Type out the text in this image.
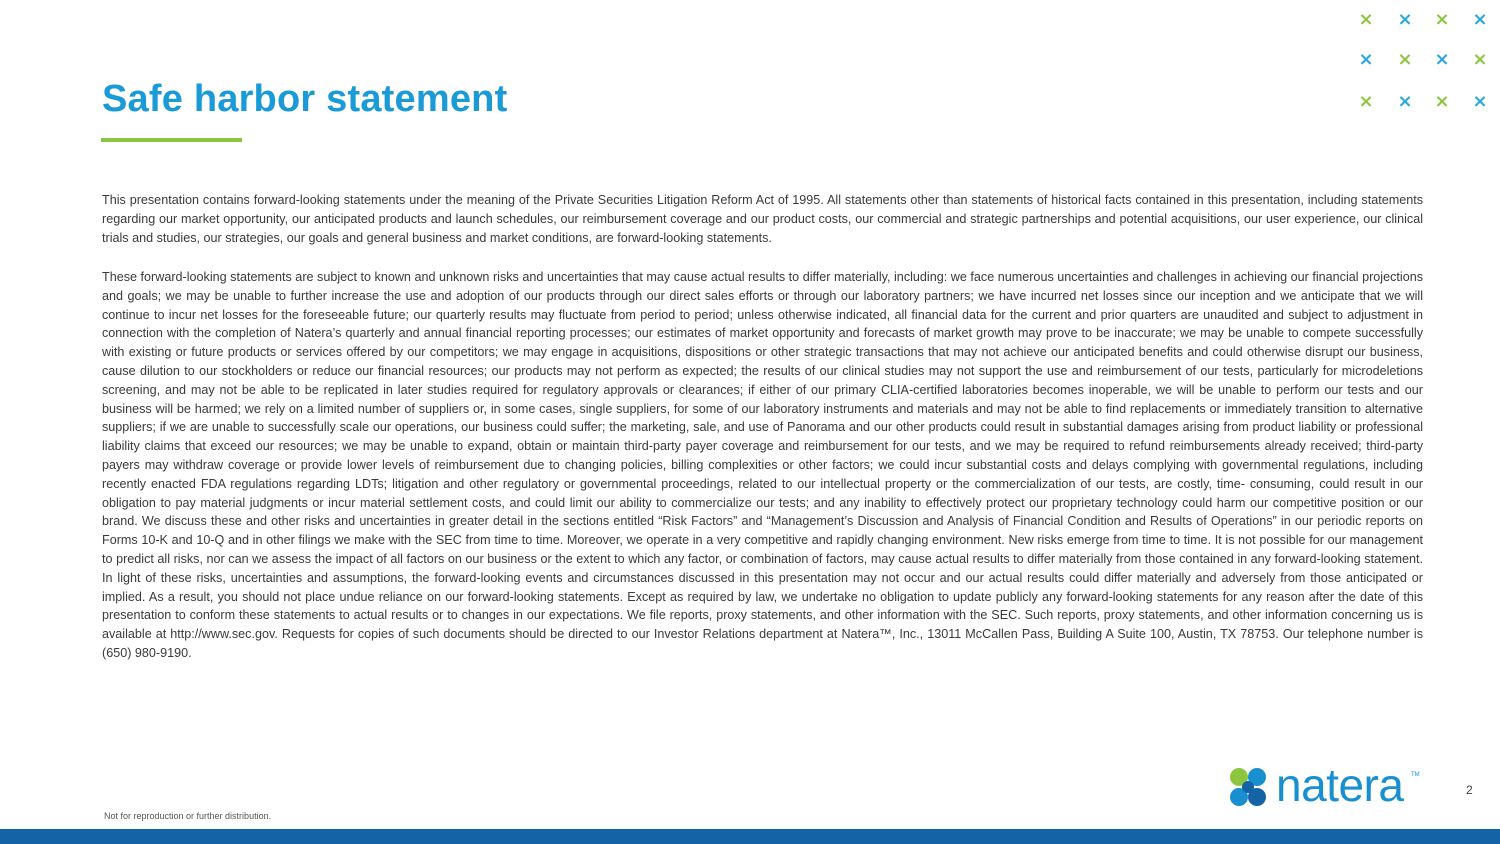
× × × ×
× × × ×
× × × ×
Safe harbor statement

This presentation contains forward-looking statements under the meaning of the Private Securities Litigation Reform Act of 1995. All statements other than statements of historical facts contained in this presentation, including statements regarding our market opportunity, our anticipated products and launch schedules, our reimbursement coverage and our product costs, our commercial and strategic partnerships and potential acquisitions, our user experience, our clinical trials and studies, our strategies, our goals and general business and market conditions, are forward-looking statements.

These forward-looking statements are subject to known and unknown risks and uncertainties that may cause actual results to differ materially, including: we face numerous uncertainties and challenges in achieving our financial projections and goals; we may be unable to further increase the use and adoption of our products through our direct sales efforts or through our laboratory partners; we have incurred net losses since our inception and we anticipate that we will continue to incur net losses for the foreseeable future; our quarterly results may fluctuate from period to period; unless otherwise indicated, all financial data for the current and prior quarters are unaudited and subject to adjustment in connection with the completion of Natera’s quarterly and annual financial reporting processes; our estimates of market opportunity and forecasts of market growth may prove to be inaccurate; we may be unable to compete successfully with existing or future products or services offered by our competitors; we may engage in acquisitions, dispositions or other strategic transactions that may not achieve our anticipated benefits and could otherwise disrupt our business, cause dilution to our stockholders or reduce our financial resources; our products may not perform as expected; the results of our clinical studies may not support the use and reimbursement of our tests, particularly for microdeletions screening, and may not be able to be replicated in later studies required for regulatory approvals or clearances; if either of our primary CLIA-certified laboratories becomes inoperable, we will be unable to perform our tests and our business will be harmed; we rely on a limited number of suppliers or, in some cases, single suppliers, for some of our laboratory instruments and materials and may not be able to find replacements or immediately transition to alternative suppliers; if we are unable to successfully scale our operations, our business could suffer; the marketing, sale, and use of Panorama and our other products could result in substantial damages arising from product liability or professional liability claims that exceed our resources; we may be unable to expand, obtain or maintain third-party payer coverage and reimbursement for our tests, and we may be required to refund reimbursements already received; third-party payers may withdraw coverage or provide lower levels of reimbursement due to changing policies, billing complexities or other factors; we could incur substantial costs and delays complying with governmental regulations, including recently enacted FDA regulations regarding LDTs; litigation and other regulatory or governmental proceedings, related to our intellectual property or the commercialization of our tests, are costly, time- consuming, could result in our obligation to pay material judgments or incur material settlement costs, and could limit our ability to commercialize our tests; and any inability to effectively protect our proprietary technology could harm our competitive position or our brand. We discuss these and other risks and uncertainties in greater detail in the sections entitled “Risk Factors” and “Management’s Discussion and Analysis of Financial Condition and Results of Operations” in our periodic reports on Forms 10-K and 10-Q and in other filings we make with the SEC from time to time. Moreover, we operate in a very competitive and rapidly changing environment. New risks emerge from time to time. It is not possible for our management to predict all risks, nor can we assess the impact of all factors on our business or the extent to which any factor, or combination of factors, may cause actual results to differ materially from those contained in any forward-looking statement. In light of these risks, uncertainties and assumptions, the forward-looking events and circumstances discussed in this presentation may not occur and our actual results could differ materially and adversely from those anticipated or implied. As a result, you should not place undue reliance on our forward-looking statements. Except as required by law, we undertake no obligation to update publicly any forward-looking statements for any reason after the date of this presentation to conform these statements to actual results or to changes in our expectations. We file reports, proxy statements, and other information with the SEC. Such reports, proxy statements, and other information concerning us is available at http://www.sec.gov. Requests for copies of such documents should be directed to our Investor Relations department at Natera™, Inc., 13011 McCallen Pass, Building A Suite 100, Austin, TX 78753. Our telephone number is (650) 980-9190.

natera TM
2
Not for reproduction or further distribution.
